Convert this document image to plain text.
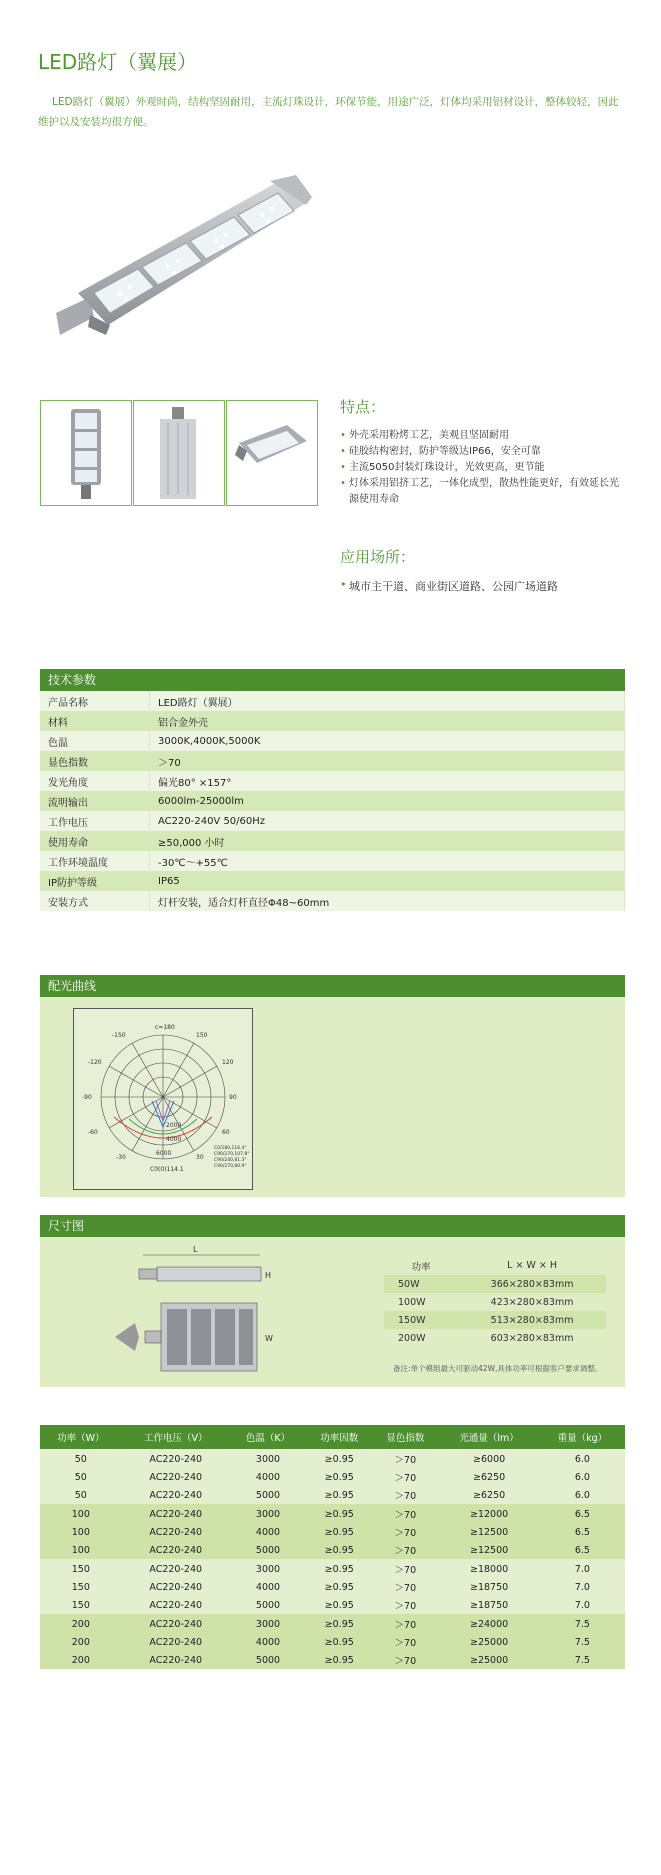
LED路灯（翼展）
LED路灯（翼展）外观时尚，结构坚固耐用，主流灯珠设计，环保节能，用途广泛，灯体均采用铝材设计，整体较轻，因此维护以及安装均很方便。
特点：
• 外壳采用粉烤工艺，美观且坚固耐用
• 硅胶结构密封，防护等级达IP66，安全可靠
• 主流5050封装灯珠设计，光效更高，更节能
• 灯体采用铝挤工艺，一体化成型，散热性能更好，有效延长光源使用寿命
应用场所：
• 城市主干道、商业街区道路、公园广场道路
技术参数
产品名称	LED路灯（翼展）
材料	铝合金外壳
色温	3000K,4000K,5000K
显色指数	＞70
发光角度	偏光80° ×157°
流明输出	6000lm-25000lm
工作电压	AC220-240V 50/60Hz
使用寿命	≥50,000 小时
工作环境温度	-30℃～+55℃
IP防护等级	IP65
安装方式	灯杆安装，适合灯杆直径Φ48~60mm
配光曲线
c=180
-150	150
-120	120
-90	90
-60	60
-30	30
2000
4000
6000
C0(0)114.1
C0/180,116.4°
C90/270,107.8°
C90/240,81.3°
C90/270,80.9°
尺寸图
L
H
W
功率	L × W × H
50W	366×280×83mm
100W	423×280×83mm
150W	513×280×83mm
200W	603×280×83mm
备注:单个模组最大可驱动42W,具体功率可根据客户要求调整。
功率（W）	工作电压（V）	色温（K）	功率因数	显色指数	光通量（lm）	重量（kg）
50	AC220-240	3000	≥0.95	＞70	≥6000	6.0
50	AC220-240	4000	≥0.95	＞70	≥6250	6.0
50	AC220-240	5000	≥0.95	＞70	≥6250	6.0
100	AC220-240	3000	≥0.95	＞70	≥12000	6.5
100	AC220-240	4000	≥0.95	＞70	≥12500	6.5
100	AC220-240	5000	≥0.95	＞70	≥12500	6.5
150	AC220-240	3000	≥0.95	＞70	≥18000	7.0
150	AC220-240	4000	≥0.95	＞70	≥18750	7.0
150	AC220-240	5000	≥0.95	＞70	≥18750	7.0
200	AC220-240	3000	≥0.95	＞70	≥24000	7.5
200	AC220-240	4000	≥0.95	＞70	≥25000	7.5
200	AC220-240	5000	≥0.95	＞70	≥25000	7.5
